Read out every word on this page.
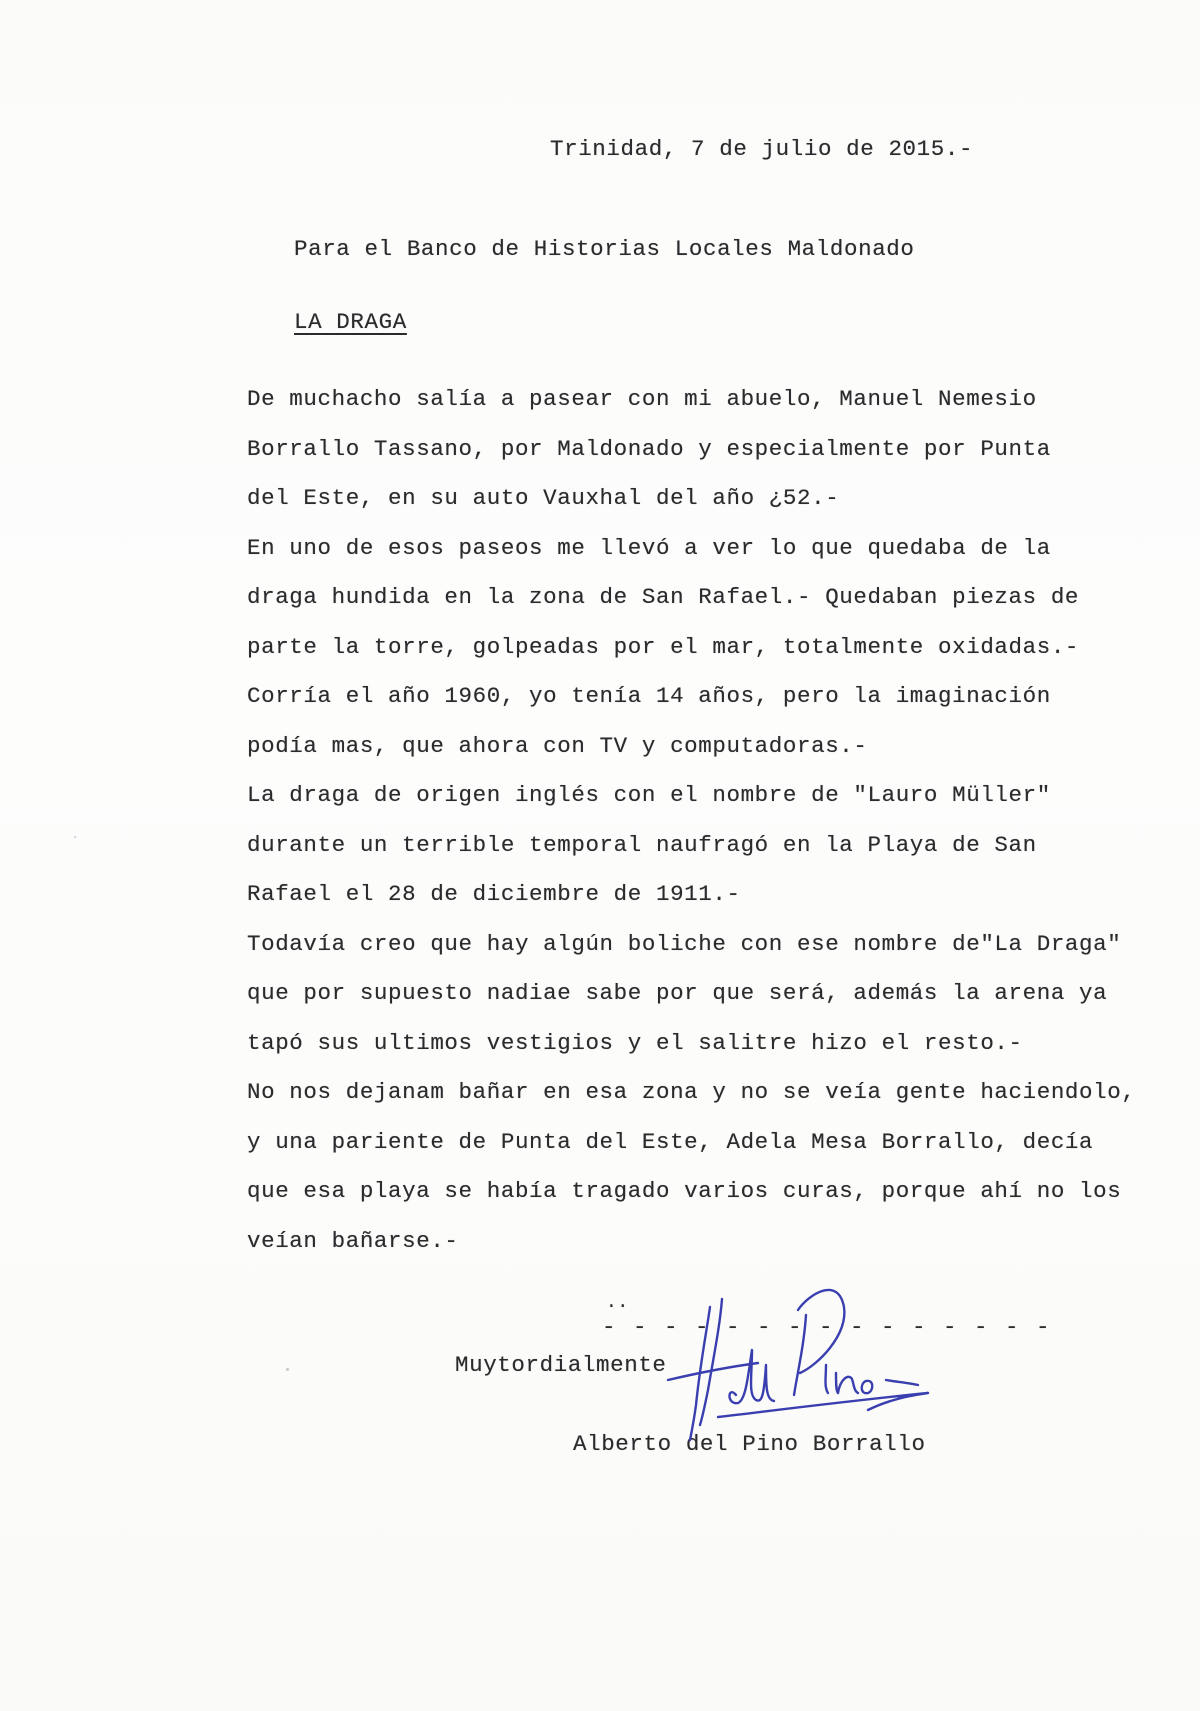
Trinidad, 7 de julio de 2015.-
Para el Banco de Historias Locales Maldonado
LA DRAGA
De muchacho salía a pasear con mi abuelo, Manuel Nemesio
Borrallo Tassano, por Maldonado y especialmente por Punta
del Este, en su auto Vauxhal del año ¿52.-
En uno de esos paseos me llevó a ver lo que quedaba de la
draga hundida en la zona de San Rafael.- Quedaban piezas de
parte la torre, golpeadas por el mar, totalmente oxidadas.-
Corría el año 1960, yo tenía 14 años, pero la imaginación
podía mas, que ahora con TV y computadoras.-
La draga de origen inglés con el nombre de "Lauro Müller"
durante un terrible temporal naufragó en la Playa de San
Rafael el 28 de diciembre de 1911.-
Todavía creo que hay algún boliche con ese nombre de"La Draga"
que por supuesto nadiae sabe por que será, además la arena ya
tapó sus ultimos vestigios y el salitre hizo el resto.-
No nos dejanam bañar en esa zona y no se veía gente haciendolo,
y una pariente de Punta del Este, Adela Mesa Borrallo, decía
que esa playa se había tragado varios curas, porque ahí no los
veían bañarse.-
..
- - - - - - - - - - - - - - -
Muytordialmente
Alberto del Pino Borrallo
